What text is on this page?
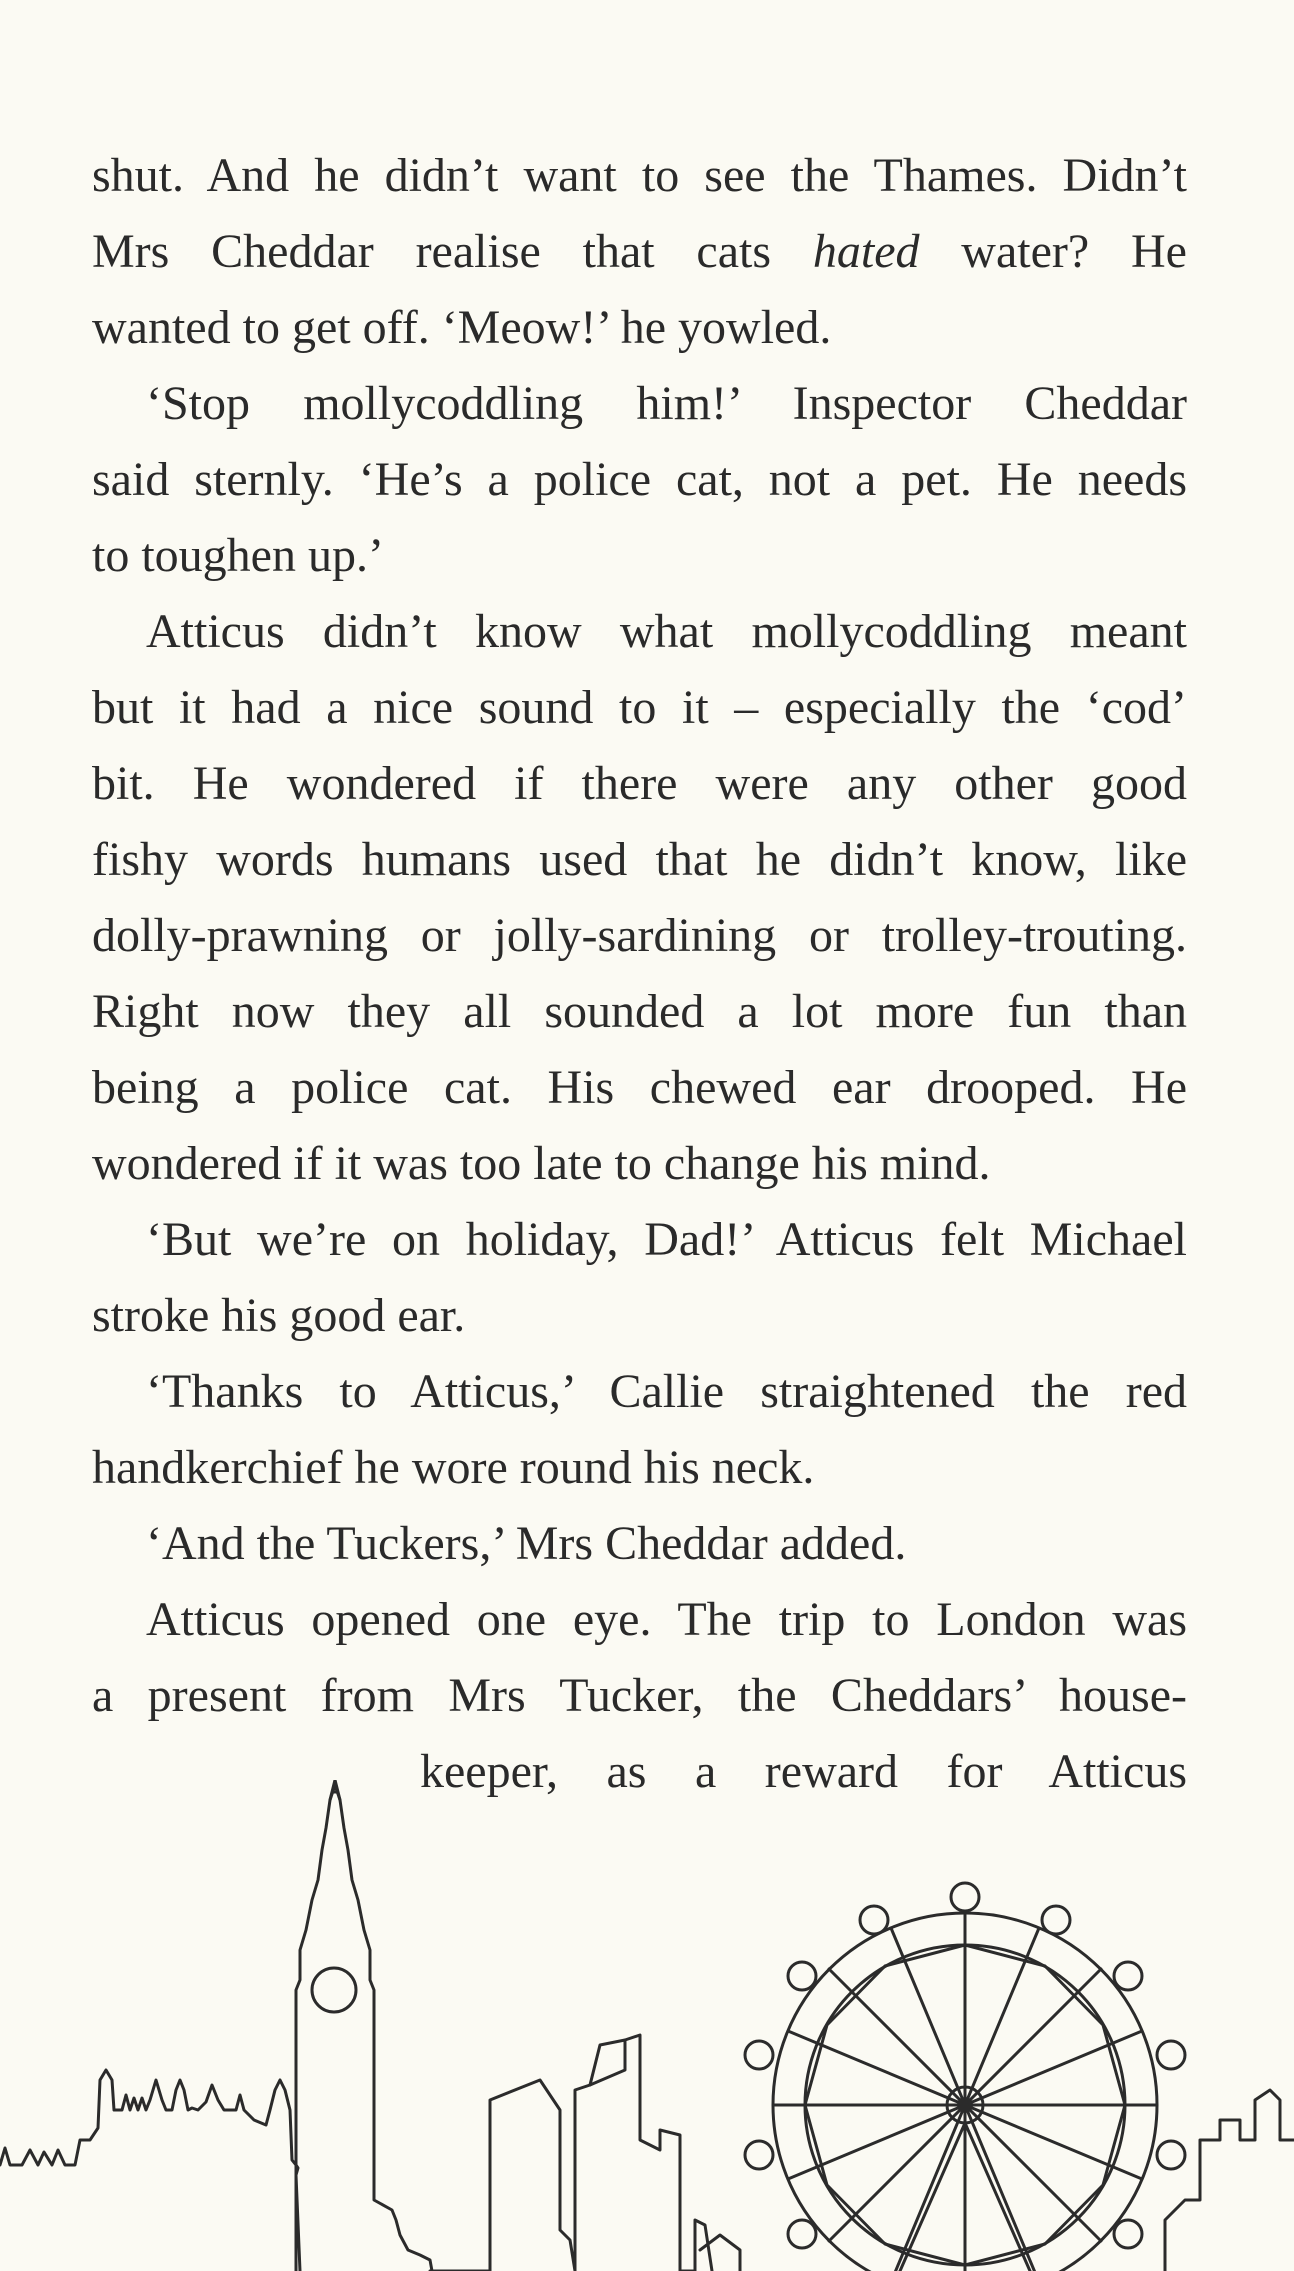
shut. And he didn’t want to see the Thames. Didn’t
Mrs Cheddar realise that cats hated water? He
wanted to get off. ‘Meow!’ he yowled.
‘Stop mollycoddling him!’ Inspector Cheddar
said sternly. ‘He’s a police cat, not a pet. He needs
to toughen up.’
Atticus didn’t know what mollycoddling meant
but it had a nice sound to it – especially the ‘cod’
bit. He wondered if there were any other good
fishy words humans used that he didn’t know, like
dolly-prawning or jolly-sardining or trolley-trouting.
Right now they all sounded a lot more fun than
being a police cat. His chewed ear drooped. He
wondered if it was too late to change his mind.
‘But we’re on holiday, Dad!’ Atticus felt Michael
stroke his good ear.
‘Thanks to Atticus,’ Callie straightened the red
handkerchief he wore round his neck.
‘And the Tuckers,’ Mrs Cheddar added.
Atticus opened one eye. The trip to London was
a present from Mrs Tucker, the Cheddars’ house-
keeper, as a reward for Atticus
